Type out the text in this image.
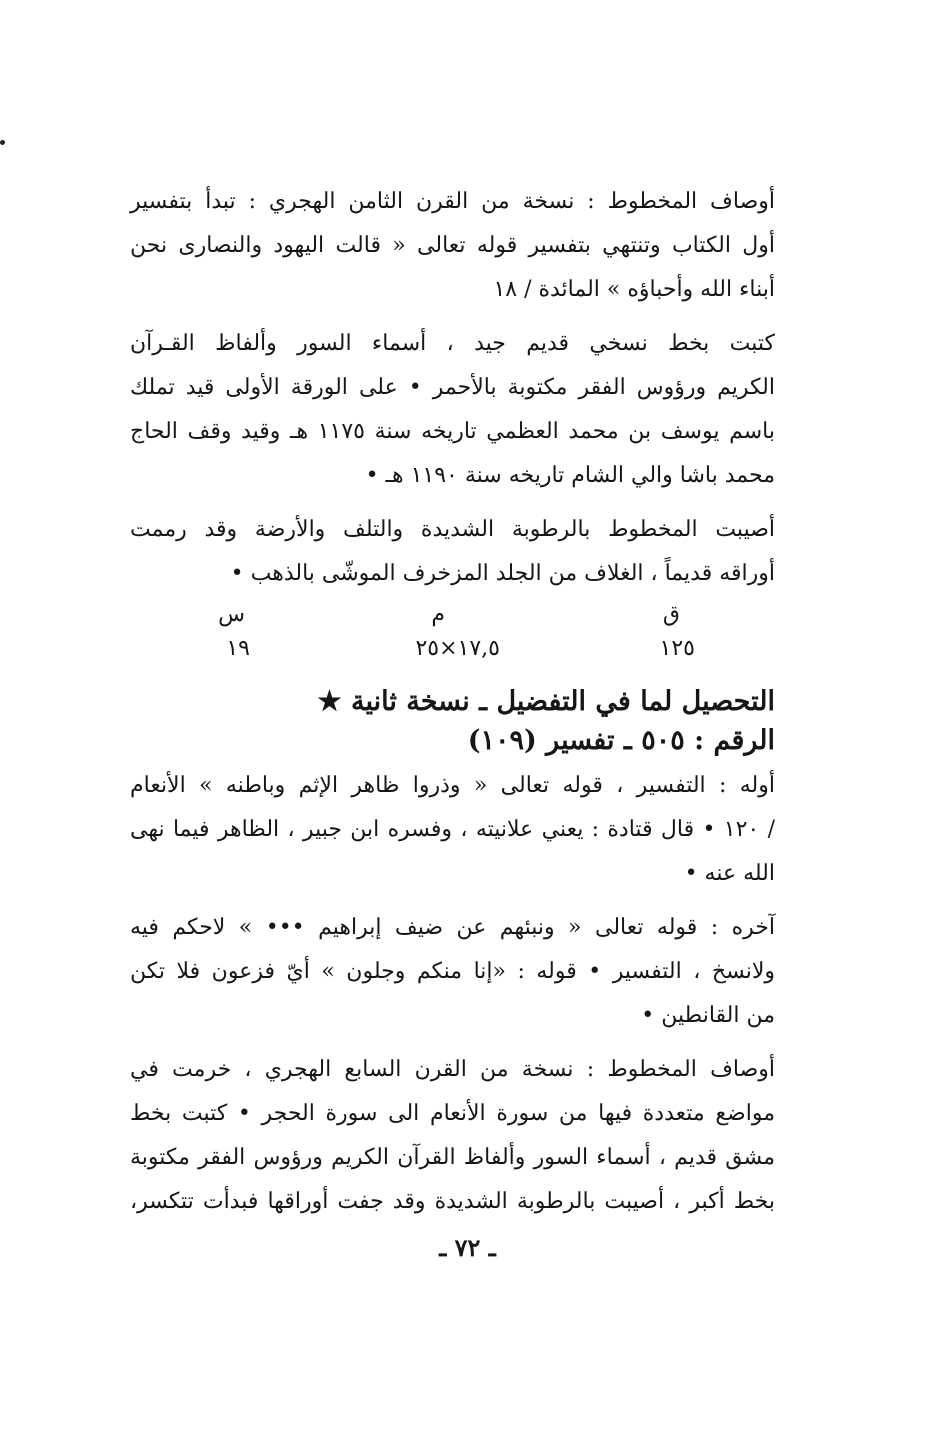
أوصاف المخطوط : نسخة من القرن الثامن الهجري : تبدأ بتفسير
أول الكتاب وتنتهي بتفسير قوله تعالى « قالت اليهود والنصارى نحن
أبناء الله وأحباؤه » المائدة / ١٨

كتبت بخط نسخي قديم جيد ، أسماء السور وألفاظ القـرآن
الكريم ورؤوس الفقر مكتوبة بالأحمر • على الورقة الأولى قيد تملك
باسم يوسف بن محمد العظمي تاريخه سنة ١١٧٥ هـ وقيد وقف الحاج
محمد باشا والي الشام تاريخه سنة ١١٩٠ هـ •

أصيبت المخطوط بالرطوبة الشديدة والتلف والأرضة وقد رممت
أوراقه قديماً ، الغلاف من الجلد المزخرف الموشّى بالذهب •

ق
م
س
١٢٥
١٧,٥×٢٥
١٩
التحصيل لما في التفضيل ـ نسخة ثانية ★
الرقم : ٥٠٥ ـ تفسير (١٠٩)

أوله : التفسير ، قوله تعالى « وذروا ظاهر الإثم وباطنه » الأنعام
/ ١٢٠ • قال قتادة : يعني علانيته ، وفسره ابن جبير ، الظاهر فيما نهى
الله عنه •

آخره : قوله تعالى « ونبئهم عن ضيف إبراهيم ••• » لاحكم فيه
ولانسخ ، التفسير • قوله : «إنا منكم وجلون » أيّ فزعون فلا تكن
من القانطين •

أوصاف المخطوط : نسخة من القرن السابع الهجري ، خرمت في
مواضع متعددة فيها من سورة الأنعام الى سورة الحجر • كتبت بخط
مشق قديم ، أسماء السور وألفاظ القرآن الكريم ورؤوس الفقر مكتوبة
بخط أكبر ، أصيبت بالرطوبة الشديدة وقد جفت أوراقها فبدأت تتكسر،

ـ ٧٢ ـ
